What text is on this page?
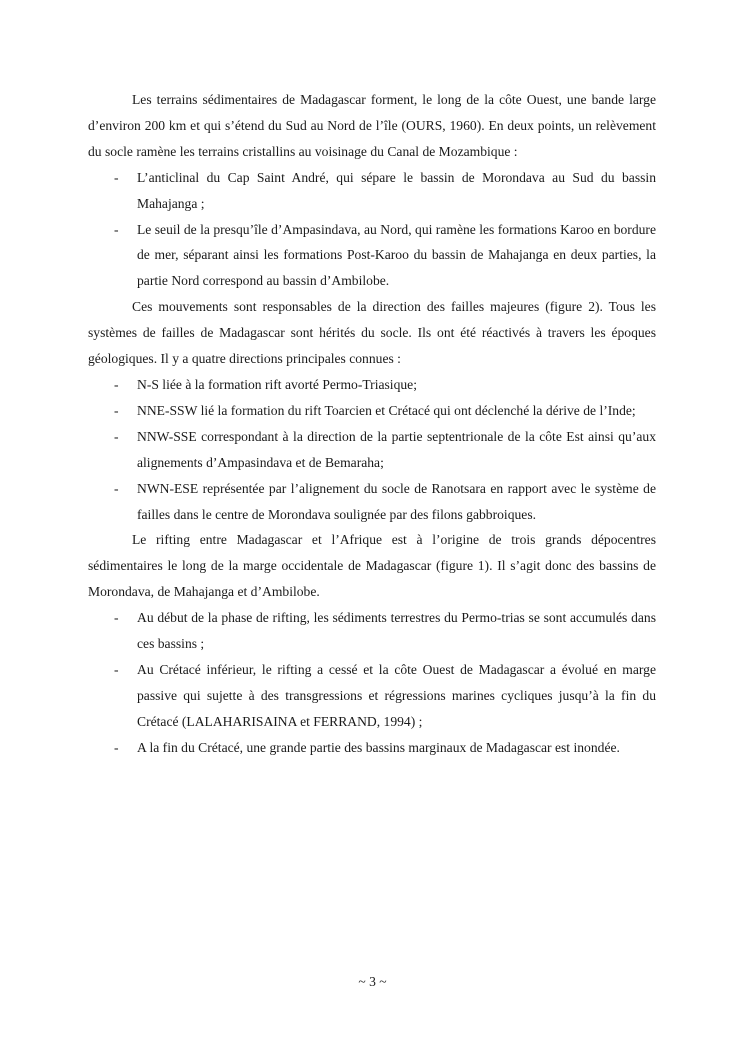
Les terrains sédimentaires de Madagascar forment, le long de la côte Ouest, une bande large d’environ 200 km et qui s’étend du Sud au Nord de l’île (OURS, 1960). En deux points, un relèvement du socle ramène les terrains cristallins au voisinage du Canal de Mozambique :

- L’anticlinal du Cap Saint André, qui sépare le bassin de Morondava au Sud du bassin Mahajanga ;
- Le seuil de la presqu’île d’Ampasindava, au Nord, qui ramène les formations Karoo en bordure de mer, séparant ainsi les formations Post-Karoo du bassin de Mahajanga en deux parties, la partie Nord correspond au bassin d’Ambilobe.

Ces mouvements sont responsables de la direction des failles majeures (figure 2). Tous les systèmes de failles de Madagascar sont hérités du socle. Ils ont été réactivés à travers les époques géologiques. Il y a quatre directions principales connues :

- N-S liée à la formation rift avorté Permo-Triasique;
- NNE-SSW lié la formation du rift Toarcien et Crétacé qui ont déclenché la dérive de l’Inde;
- NNW-SSE correspondant à la direction de la partie septentrionale de la côte Est ainsi qu’aux alignements d’Ampasindava et de Bemaraha;
- NWN-ESE représentée par l’alignement du socle de Ranotsara en rapport avec le système de failles dans le centre de Morondava soulignée par des filons gabbroiques.

Le rifting entre Madagascar et l’Afrique est à l’origine de trois grands dépocentres sédimentaires le long de la marge occidentale de Madagascar (figure 1). Il s’agit donc des bassins de Morondava, de Mahajanga et d’Ambilobe.

- Au début de la phase de rifting, les sédiments terrestres du Permo-trias se sont accumulés dans ces bassins ;
- Au Crétacé inférieur, le rifting a cessé et la côte Ouest de Madagascar a évolué en marge passive qui sujette à des transgressions et régressions marines cycliques jusqu’à la fin du Crétacé (LALAHARISAINA et FERRAND, 1994) ;
- A la fin du Crétacé, une grande partie des bassins marginaux de Madagascar est inondée.
~ 3 ~
